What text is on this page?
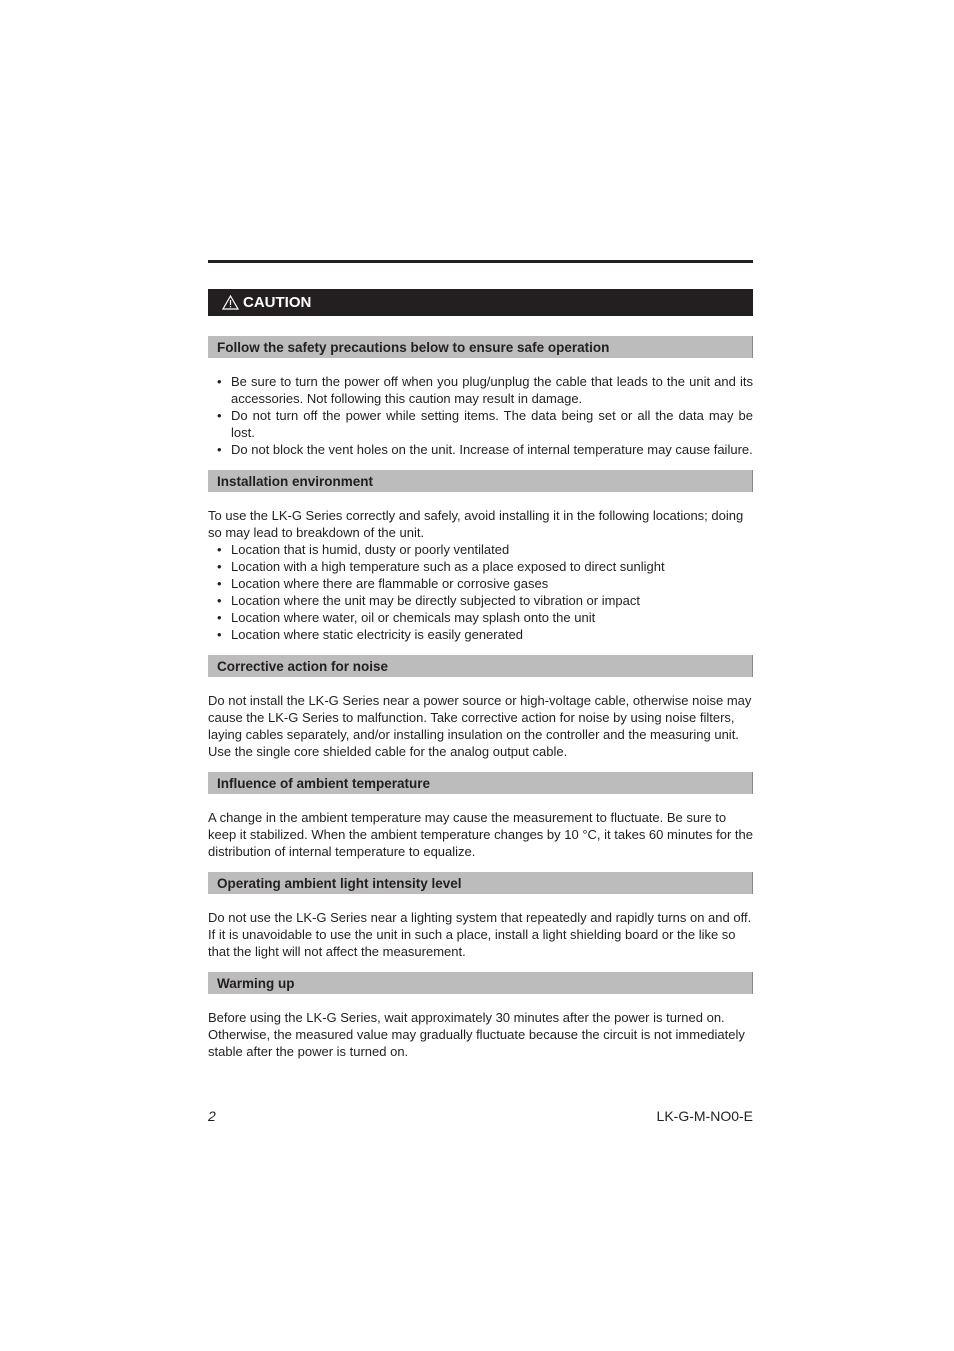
CAUTION
Follow the safety precautions below to ensure safe operation
• Be sure to turn the power off when you plug/unplug the cable that leads to the unit and its accessories. Not following this caution may result in damage.
• Do not turn off the power while setting items. The data being set or all the data may be lost.
• Do not block the vent holes on the unit. Increase of internal temperature may cause failure.
Installation environment

To use the LK-G Series correctly and safely, avoid installing it in the following locations; doing so may lead to breakdown of the unit.

• Location that is humid, dusty or poorly ventilated
• Location with a high temperature such as a place exposed to direct sunlight
• Location where there are flammable or corrosive gases
• Location where the unit may be directly subjected to vibration or impact
• Location where water, oil or chemicals may splash onto the unit
• Location where static electricity is easily generated
Corrective action for noise

Do not install the LK-G Series near a power source or high-voltage cable, otherwise noise may cause the LK-G Series to malfunction. Take corrective action for noise by using noise filters, laying cables separately, and/or installing insulation on the controller and the measuring unit. Use the single core shielded cable for the analog output cable.

Influence of ambient temperature

A change in the ambient temperature may cause the measurement to fluctuate. Be sure to keep it stabilized. When the ambient temperature changes by 10 °C, it takes 60 minutes for the distribution of internal temperature to equalize.

Operating ambient light intensity level

Do not use the LK-G Series near a lighting system that repeatedly and rapidly turns on and off. If it is unavoidable to use the unit in such a place, install a light shielding board or the like so that the light will not affect the measurement.

Warming up

Before using the LK-G Series, wait approximately 30 minutes after the power is turned on. Otherwise, the measured value may gradually fluctuate because the circuit is not immediately stable after the power is turned on.

2	LK-G-M-NO0-E
